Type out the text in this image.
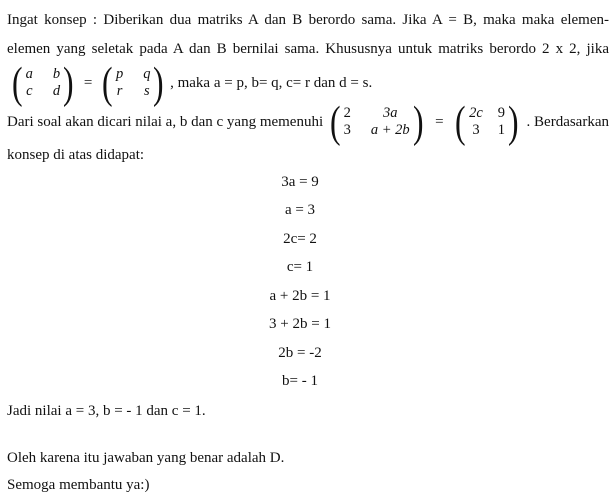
Ingat konsep : Diberikan dua matriks A dan B berordo sama. Jika A = B, maka maka elemen-
elemen yang seletak pada A dan B bernilai sama. Khususnya untuk matriks berordo 2 x 2, jika
( a b
c d ) = ( p q
r s ) , maka a = p, b= q, c= r dan d = s.
Dari soal akan dicari nilai a, b dan c yang memenuhi ( 2	3a
3 a + 2b ) = ( 2c 9
3 1 ) . Berdasarkan
konsep di atas didapat:
3a = 9
a = 3
2c= 2
c= 1
a + 2b = 1
3 + 2b = 1
2b = -2
b= - 1
Jadi nilai a = 3, b = - 1 dan c = 1.
Oleh karena itu jawaban yang benar adalah D.
Semoga membantu ya:)
